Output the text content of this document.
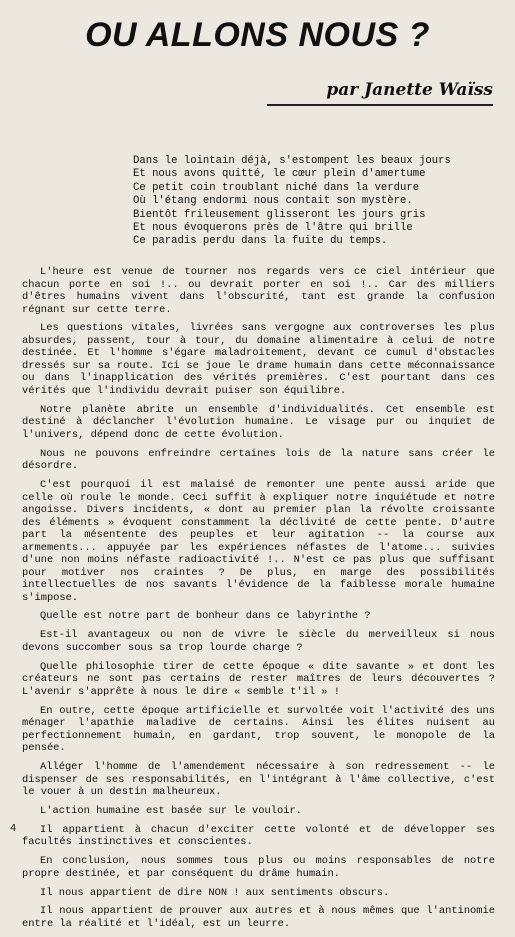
OU ALLONS NOUS ?
par Janette Waïss
Dans le lointain déjà, s'estompent les beaux jours
Et nous avons quitté, le cœur plein d'amertume
Ce petit coin troublant niché dans la verdure
Où l'étang endormi nous contait son mystère.
Bientôt frileusement glisseront les jours gris
Et nous évoquerons près de l'âtre qui brille
Ce paradis perdu dans la fuite du temps.

L'heure est venue de tourner nos regards vers ce ciel intérieur que chacun porte en soi !.. ou devrait porter en soi !.. Car des milliers d'êtres humains vivent dans l'obscurité, tant est grande la confusion régnant sur cette terre.

Les questions vitales, livrées sans vergogne aux controverses les plus absurdes, passent, tour à tour, du domaine alimentaire à celui de notre destinée. Et l'homme s'égare maladroitement, devant ce cumul d'obstacles dressés sur sa route. Ici se joue le drame humain dans cette méconnaissance ou dans l'inapplication des vérités premières. C'est pourtant dans ces vérités que l'individu devrait puiser son équilibre.

Notre planète abrite un ensemble d'individualités. Cet ensemble est destiné à déclancher l'évolution humaine. Le visage pur ou inquiet de l'univers, dépend donc de cette évolution.

Nous ne pouvons enfreindre certaines lois de la nature sans créer le désordre.

C'est pourquoi il est malaisé de remonter une pente aussi aride que celle où roule le monde. Ceci suffit à expliquer notre inquiétude et notre angoisse. Divers incidents, « dont au premier plan la révolte croissante des éléments » évoquent constamment la déclivité de cette pente. D'autre part la mésentente des peuples et leur agitation -- la course aux armements... appuyée par les expériences néfastes de l'atome... suivies d'une non moins néfaste radioactivité !.. N'est ce pas plus que suffisant pour motiver nos craintes ? De plus, en marge des possibilités intellectuelles de nos savants l'évidence de la faiblesse morale humaine s'impose.

Quelle est notre part de bonheur dans ce labyrinthe ?

Est-il avantageux ou non de vivre le siècle du merveilleux si nous devons succomber sous sa trop lourde charge ?

Quelle philosophie tirer de cette époque « dite savante » et dont les créateurs ne sont pas certains de rester maîtres de leurs découvertes ? L'avenir s'apprête à nous le dire « semble t'il » !

En outre, cette époque artificielle et survoltée voit l'activité des uns ménager l'apathie maladive de certains. Ainsi les élites nuisent au perfectionnement humain, en gardant, trop souvent, le monopole de la pensée.

Alléger l'homme de l'amendement nécessaire à son redressement -- le dispenser de ses responsabilités, en l'intégrant à l'âme collective, c'est le vouer à un destin malheureux.

L'action humaine est basée sur le vouloir.

Il appartient à chacun d'exciter cette volonté et de développer ses facultés instinctives et conscientes.

En conclusion, nous sommes tous plus ou moins responsables de notre propre destinée, et par conséquent du drâme humain.

Il nous appartient de dire NON ! aux sentiments obscurs.

Il nous appartient de prouver aux autres et à nous mêmes que l'antinomie entre la réalité et l'idéal, est un leurre.

4
